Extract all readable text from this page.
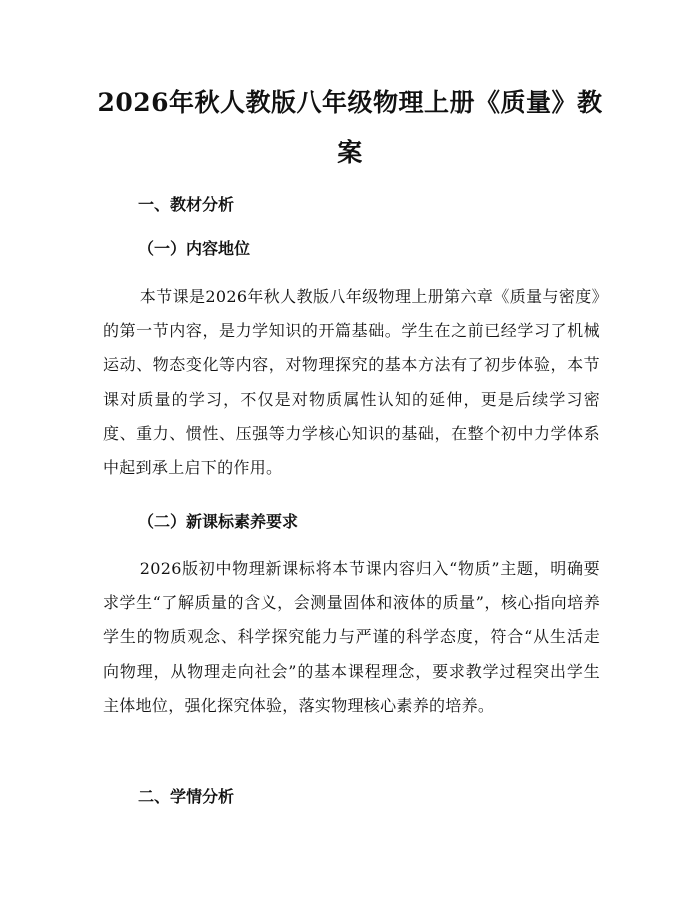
2026年秋人教版八年级物理上册《质量》教案
一、教材分析
（一）内容地位

本节课是2026年秋人教版八年级物理上册第六章《质量与密度》的第一节内容，是力学知识的开篇基础。学生在之前已经学习了机械运动、物态变化等内容，对物理探究的基本方法有了初步体验，本节课对质量的学习，不仅是对物质属性认知的延伸，更是后续学习密度、重力、惯性、压强等力学核心知识的基础，在整个初中力学体系中起到承上启下的作用。

（二）新课标素养要求

2026版初中物理新课标将本节课内容归入“物质”主题，明确要求学生“了解质量的含义，会测量固体和液体的质量”，核心指向培养学生的物质观念、科学探究能力与严谨的科学态度，符合“从生活走向物理，从物理走向社会”的基本课程理念，要求教学过程突出学生主体地位，强化探究体验，落实物理核心素养的培养。

二、学情分析
